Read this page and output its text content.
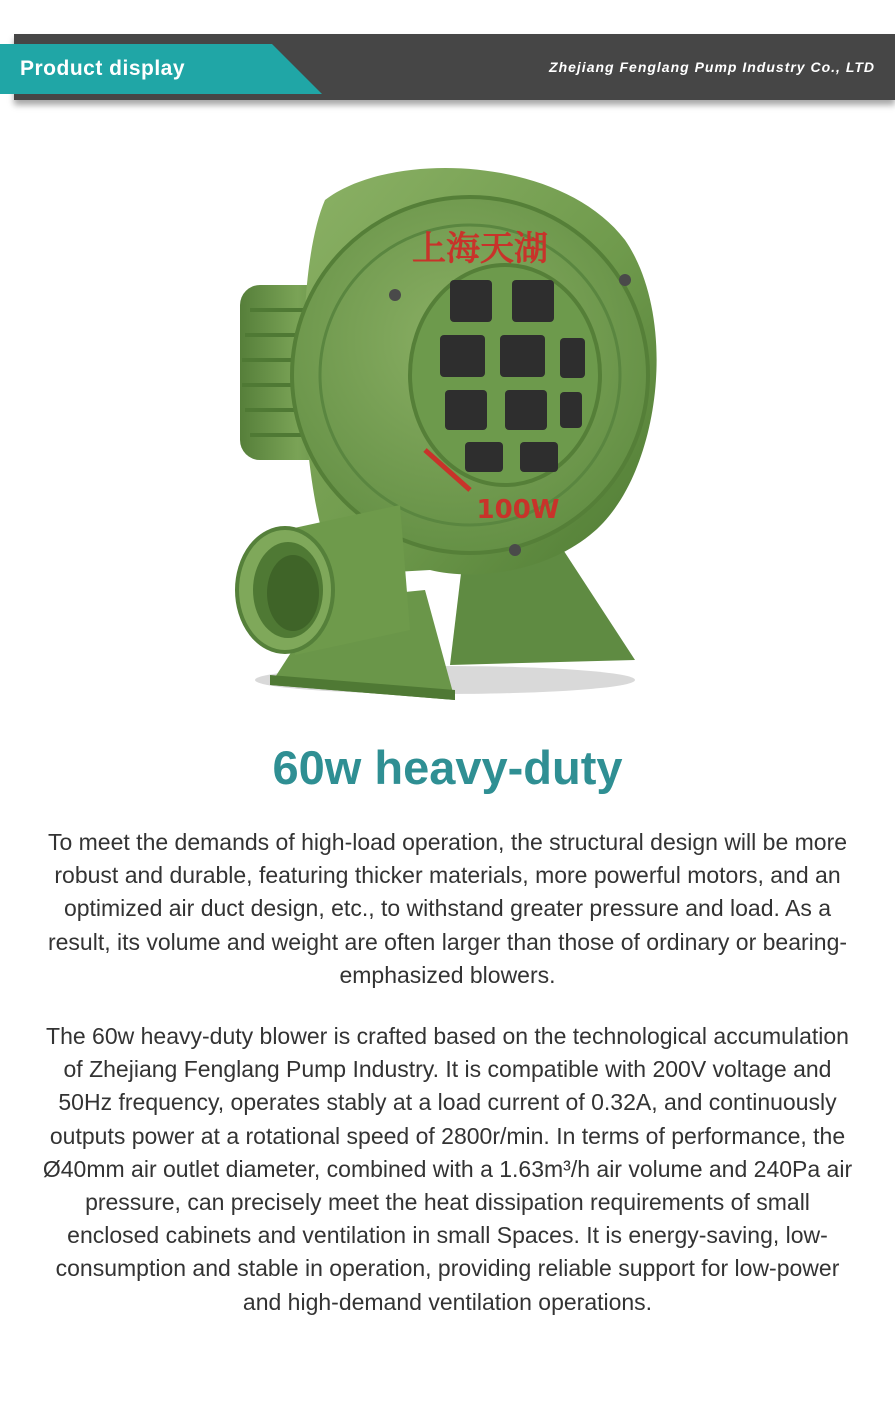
Product display	Zhejiang Fenglang Pump Industry Co., LTD
上海天湖
100W
60w heavy-duty

To meet the demands of high-load operation, the structural design will be more robust and durable, featuring thicker materials, more powerful motors, and an optimized air duct design, etc., to withstand greater pressure and load. As a result, its volume and weight are often larger than those of ordinary or bearing-emphasized blowers.

The 60w heavy-duty blower is crafted based on the technological accumulation of Zhejiang Fenglang Pump Industry. It is compatible with 200V voltage and 50Hz frequency, operates stably at a load current of 0.32A, and continuously outputs power at a rotational speed of 2800r/min. In terms of performance, the Ø40mm air outlet diameter, combined with a 1.63m³/h air volume and 240Pa air pressure, can precisely meet the heat dissipation requirements of small enclosed cabinets and ventilation in small Spaces. It is energy-saving, low-consumption and stable in operation, providing reliable support for low-power and high-demand ventilation operations.
